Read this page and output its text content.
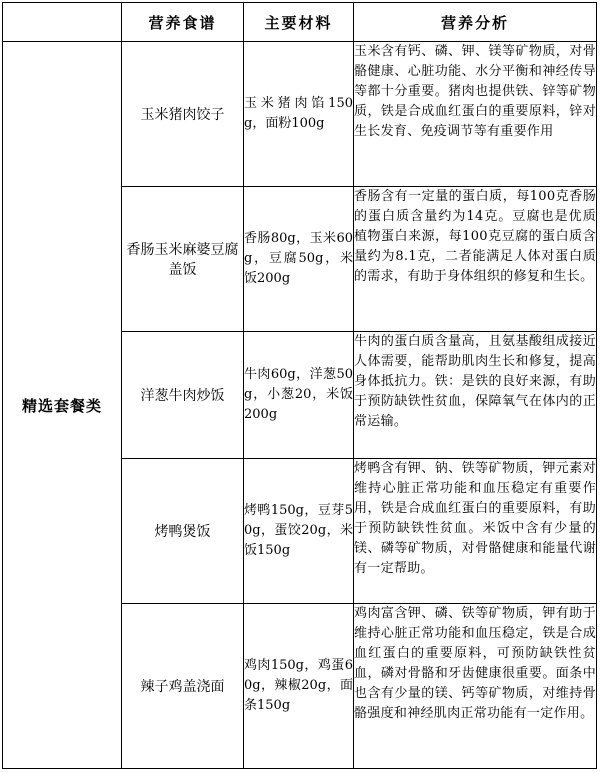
	营养食谱	主要材料	营养分析
精选套餐类	玉米猪肉饺子	玉米猪肉馅150g，面粉100g	玉米含有钙、磷、钾、镁等矿物质，对骨骼健康、心脏功能、水分平衡和神经传导等都十分重要。猪肉也提供铁、锌等矿物质，铁是合成血红蛋白的重要原料，锌对生长发育、免疫调节等有重要作用
	香肠玉米麻婆豆腐盖饭	香肠80g，玉米60g，豆腐50g，米饭200g	香肠含有一定量的蛋白质，每100克香肠的蛋白质含量约为14克。豆腐也是优质植物蛋白来源，每100克豆腐的蛋白质含量约为8.1克，二者能满足人体对蛋白质的需求，有助于身体组织的修复和生长。
	洋葱牛肉炒饭	牛肉60g，洋葱50g，小葱20，米饭200g	牛肉的蛋白质含量高，且氨基酸组成接近人体需要，能帮助肌肉生长和修复，提高身体抵抗力。铁：是铁的良好来源，有助于预防缺铁性贫血，保障氧气在体内的正常运输。
	烤鸭煲饭	烤鸭150g，豆芽50g，蛋饺20g，米饭150g	烤鸭含有钾、钠、铁等矿物质，钾元素对维持心脏正常功能和血压稳定有重要作用，铁是合成血红蛋白的重要原料，有助于预防缺铁性贫血。米饭中含有少量的镁、磷等矿物质，对骨骼健康和能量代谢有一定帮助。
	辣子鸡盖浇面	鸡肉150g，鸡蛋60g，辣椒20g，面条150g	鸡肉富含钾、磷、铁等矿物质，钾有助于维持心脏正常功能和血压稳定，铁是合成血红蛋白的重要原料，可预防缺铁性贫血，磷对骨骼和牙齿健康很重要。面条中也含有少量的镁、钙等矿物质，对维持骨骼强度和神经肌肉正常功能有一定作用。
